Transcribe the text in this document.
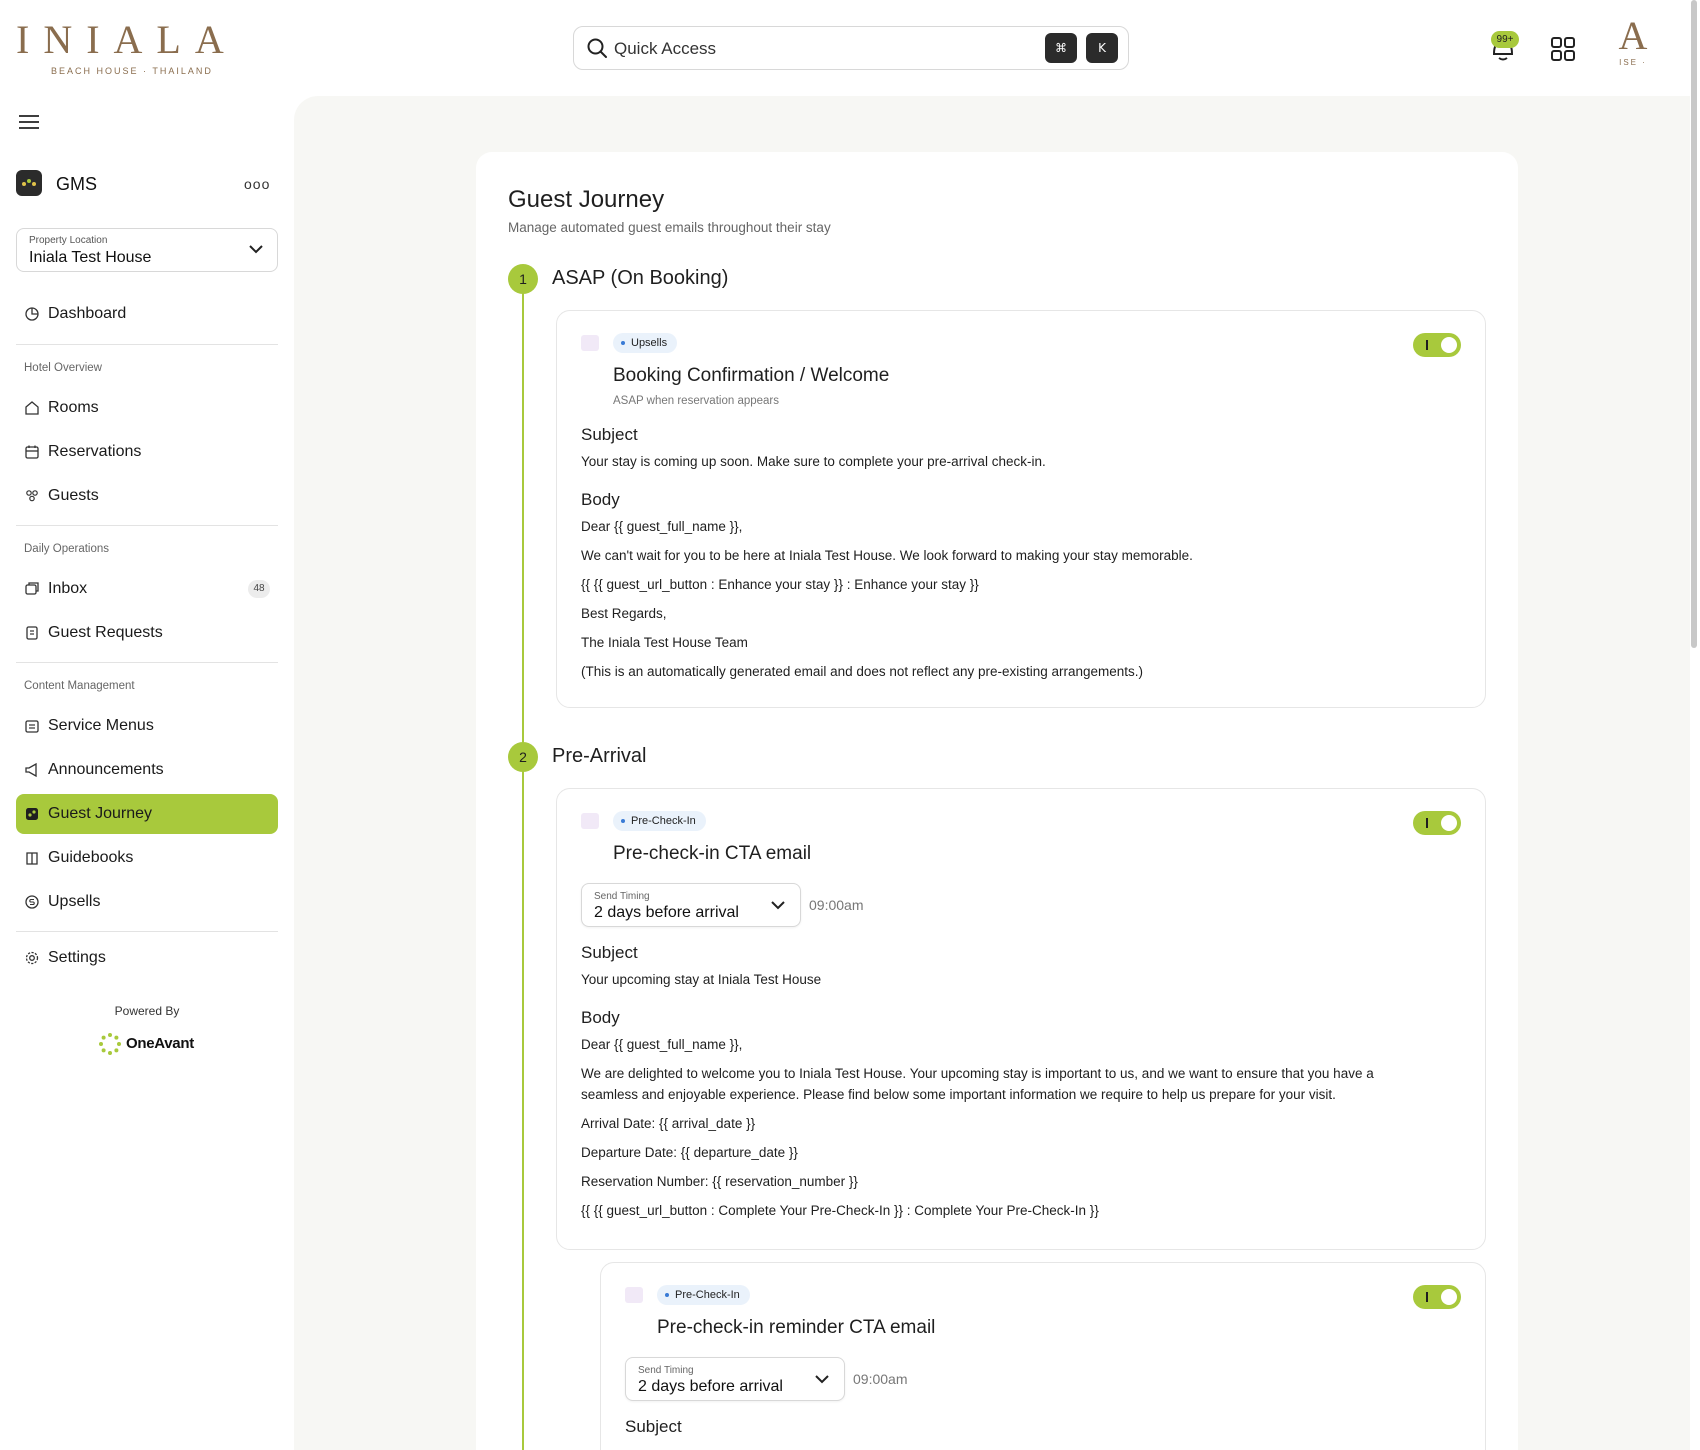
INIALA
BEACH HOUSE · THAILAND
Quick Access	⌘	K
99+	A
ISE ·
GMS	ooo
Property Location
Iniala Test House
Dashboard
Hotel Overview
Rooms
Reservations
Guests
Daily Operations
Inbox	48
Guest Requests
Content Management
Service Menus
Announcements
Guest Journey
Guidebooks
Upsells
Settings
Powered By
OneAvant
Guest Journey
Manage automated guest emails throughout their stay
1	ASAP (On Booking)
Upsells
Booking Confirmation / Welcome
ASAP when reservation appears
Subject
Your stay is coming up soon. Make sure to complete your pre-arrival check-in.
Body
Dear {{ guest_full_name }},
We can't wait for you to be here at Iniala Test House. We look forward to making your stay memorable.
{{ {{ guest_url_button : Enhance your stay }} : Enhance your stay }}
Best Regards,
The Iniala Test House Team
(This is an automatically generated email and does not reflect any pre-existing arrangements.)
2	Pre-Arrival
Pre-Check-In
Pre-check-in CTA email
Send Timing
2 days before arrival	09:00am
Subject
Your upcoming stay at Iniala Test House
Body
Dear {{ guest_full_name }},
We are delighted to welcome you to Iniala Test House. Your upcoming stay is important to us, and we want to ensure that you have a
seamless and enjoyable experience. Please find below some important information we require to help us prepare for your visit.
Arrival Date: {{ arrival_date }}
Departure Date: {{ departure_date }}
Reservation Number: {{ reservation_number }}
{{ {{ guest_url_button : Complete Your Pre-Check-In }} : Complete Your Pre-Check-In }}
Pre-Check-In
Pre-check-in reminder CTA email
Send Timing
2 days before arrival	09:00am
Subject
